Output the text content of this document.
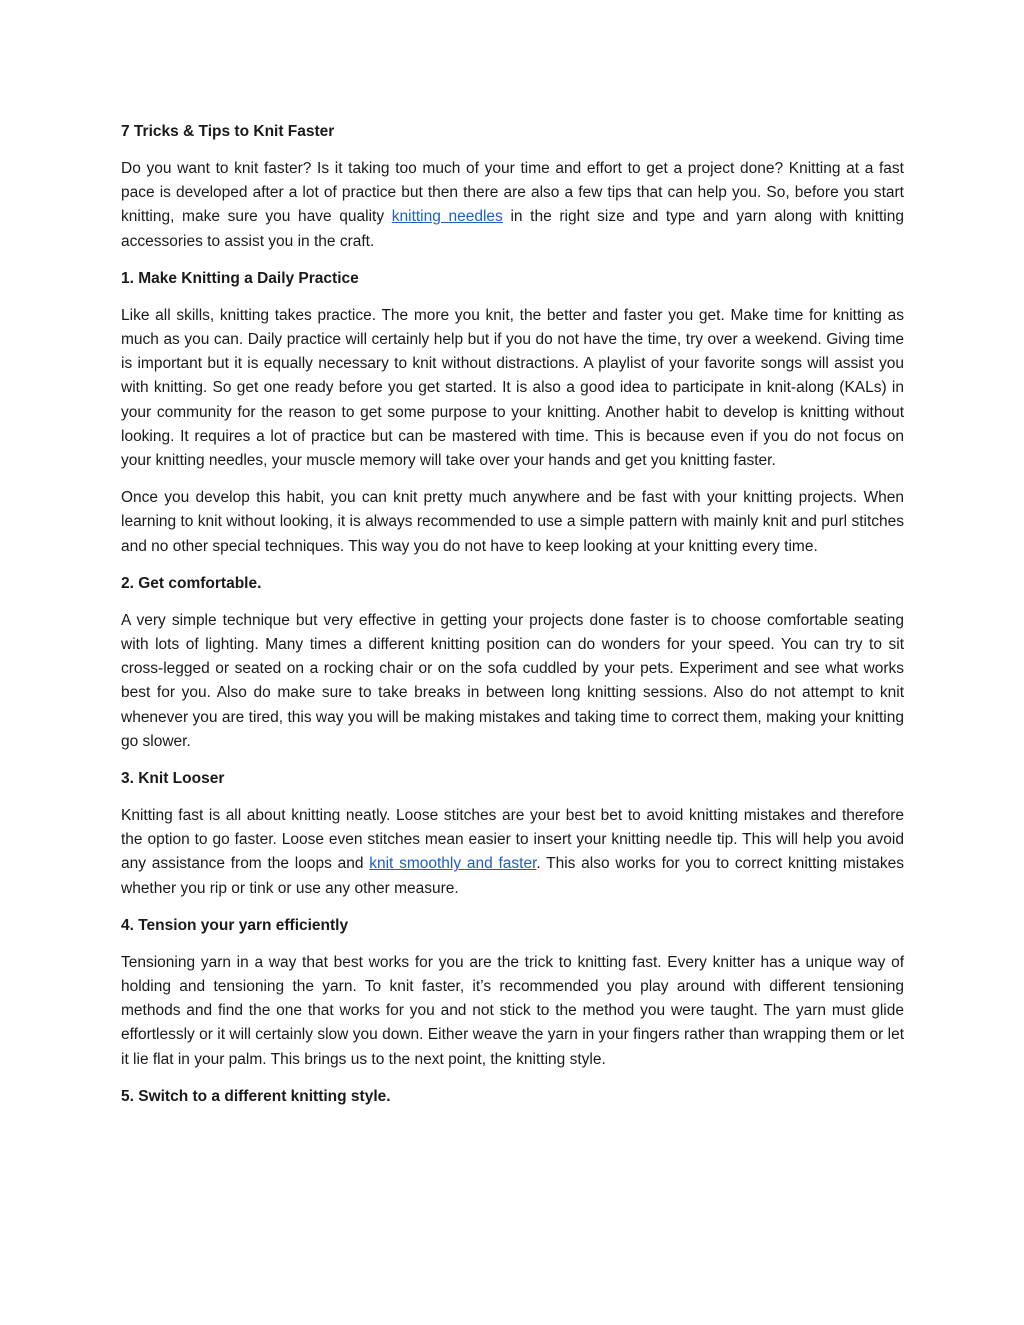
7 Tricks & Tips to Knit Faster

Do you want to knit faster? Is it taking too much of your time and effort to get a project done? Knitting at a fast pace is developed after a lot of practice but then there are also a few tips that can help you. So, before you start knitting, make sure you have quality knitting needles in the right size and type and yarn along with knitting accessories to assist you in the craft.

1. Make Knitting a Daily Practice

Like all skills, knitting takes practice. The more you knit, the better and faster you get. Make time for knitting as much as you can. Daily practice will certainly help but if you do not have the time, try over a weekend. Giving time is important but it is equally necessary to knit without distractions. A playlist of your favorite songs will assist you with knitting. So get one ready before you get started. It is also a good idea to participate in knit-along (KALs) in your community for the reason to get some purpose to your knitting. Another habit to develop is knitting without looking. It requires a lot of practice but can be mastered with time. This is because even if you do not focus on your knitting needles, your muscle memory will take over your hands and get you knitting faster.

Once you develop this habit, you can knit pretty much anywhere and be fast with your knitting projects. When learning to knit without looking, it is always recommended to use a simple pattern with mainly knit and purl stitches and no other special techniques. This way you do not have to keep looking at your knitting every time.

2. Get comfortable.

A very simple technique but very effective in getting your projects done faster is to choose comfortable seating with lots of lighting. Many times a different knitting position can do wonders for your speed. You can try to sit cross-legged or seated on a rocking chair or on the sofa cuddled by your pets. Experiment and see what works best for you. Also do make sure to take breaks in between long knitting sessions. Also do not attempt to knit whenever you are tired, this way you will be making mistakes and taking time to correct them, making your knitting go slower.

3. Knit Looser

Knitting fast is all about knitting neatly. Loose stitches are your best bet to avoid knitting mistakes and therefore the option to go faster. Loose even stitches mean easier to insert your knitting needle tip. This will help you avoid any assistance from the loops and knit smoothly and faster. This also works for you to correct knitting mistakes whether you rip or tink or use any other measure.

4. Tension your yarn efficiently

Tensioning yarn in a way that best works for you are the trick to knitting fast. Every knitter has a unique way of holding and tensioning the yarn. To knit faster, it’s recommended you play around with different tensioning methods and find the one that works for you and not stick to the method you were taught. The yarn must glide effortlessly or it will certainly slow you down. Either weave the yarn in your fingers rather than wrapping them or let it lie flat in your palm. This brings us to the next point, the knitting style.

5. Switch to a different knitting style.
